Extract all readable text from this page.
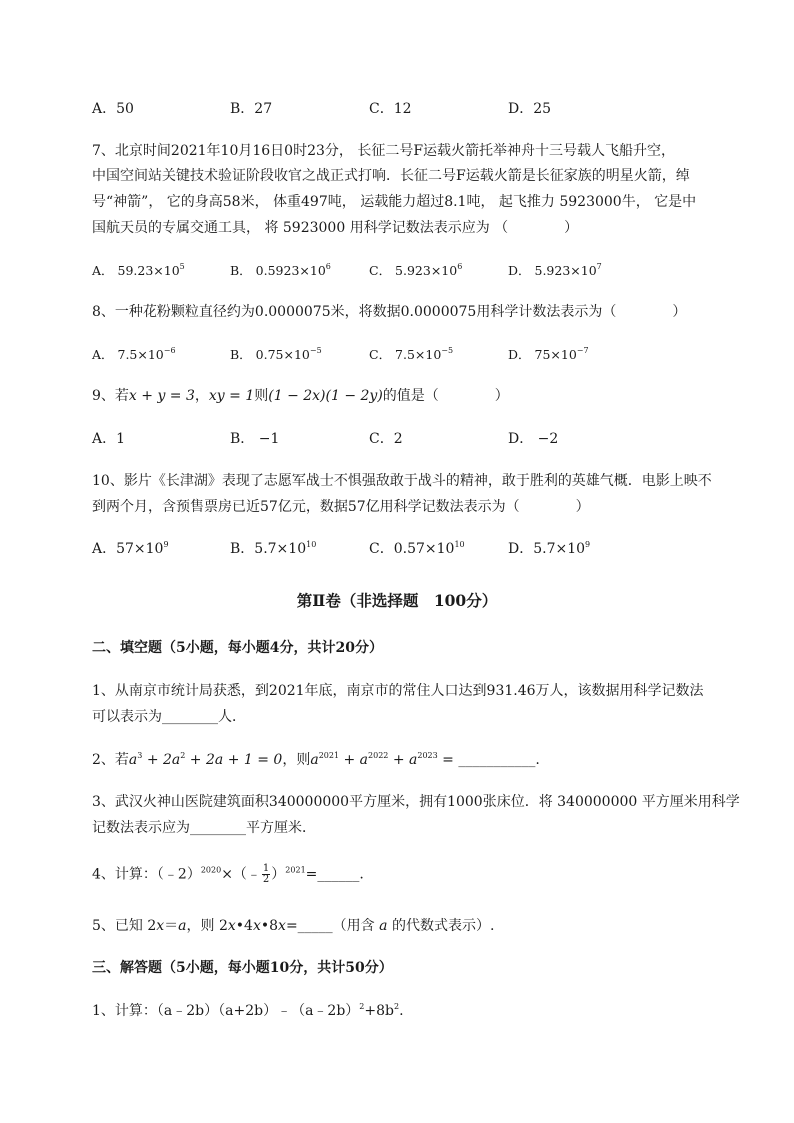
A．50	B．27	C．12	D．25
7、北京时间2021年10月16日0时23分， 长征二号F运载火箭托举神舟十三号载人飞船升空，
中国空间站关键技术验证阶段收官之战正式打响．长征二号F运载火箭是长征家族的明星火箭，绰
号“神箭”， 它的身高58米， 体重497吨， 运载能力超过8.1吨， 起飞推力 5923000牛， 它是中
国航天员的专属交通工具， 将 5923000 用科学记数法表示应为 （　　　　）
A． $59.23\times 10^5$	B． $0.5923\times 10^6$	C． $5.923\times 10^6$	D． $5.923\times 10^7$
8、一种花粉颗粒直径约为0.0000075米，将数据0.0000075用科学计数法表示为（　　　　）
A． $7.5\times 10^{-6}$	B． $0.75\times 10^{-5}$	C． $7.5\times 10^{-5}$	D． $75\times 10^{-7}$
9、若x + y = 3，xy = 1则(1 − 2x)(1 − 2y)的值是（　　　　）
A．1	B． −1	C．2	D． −2
10、影片《长津湖》表现了志愿军战士不惧强敌敢于战斗的精神，敢于胜利的英雄气概．电影上映不
到两个月，含预售票房已近57亿元，数据57亿用科学记数法表示为（　　　　）
A．$57\times 10^9$	B．$5.7\times 10^{10}$	C．$0.57\times 10^{10}$	D．$5.7\times 10^9$
第Ⅱ卷（非选择题　100分）
二、填空题（5小题，每小题4分，共计20分）
1、从南京市统计局获悉，到2021年底，南京市的常住人口达到931.46万人，该数据用科学记数法
可以表示为________人．
2、若$a^3 + 2a^2 + 2a + 1 = 0$，则$a^{2021} + a^{2022} + a^{2023}$ = ___________.
3、武汉火神山医院建筑面积340000000平方厘米，拥有1000张床位．将 340000000 平方厘米用科学
记数法表示应为________平方厘米．
4、计算：（﹣2）$^{2020}$×（﹣ $\frac{1}{2}$ ）$^{2021}$=______.
5、已知 2x＝a，则 2x•4x•8x=_____（用含 a 的代数式表示）.
三、解答题（5小题，每小题10分，共计50分）
1、计算：$(a﹣2b)(a+2b)﹣(a﹣2b)^2+8b^2$.
